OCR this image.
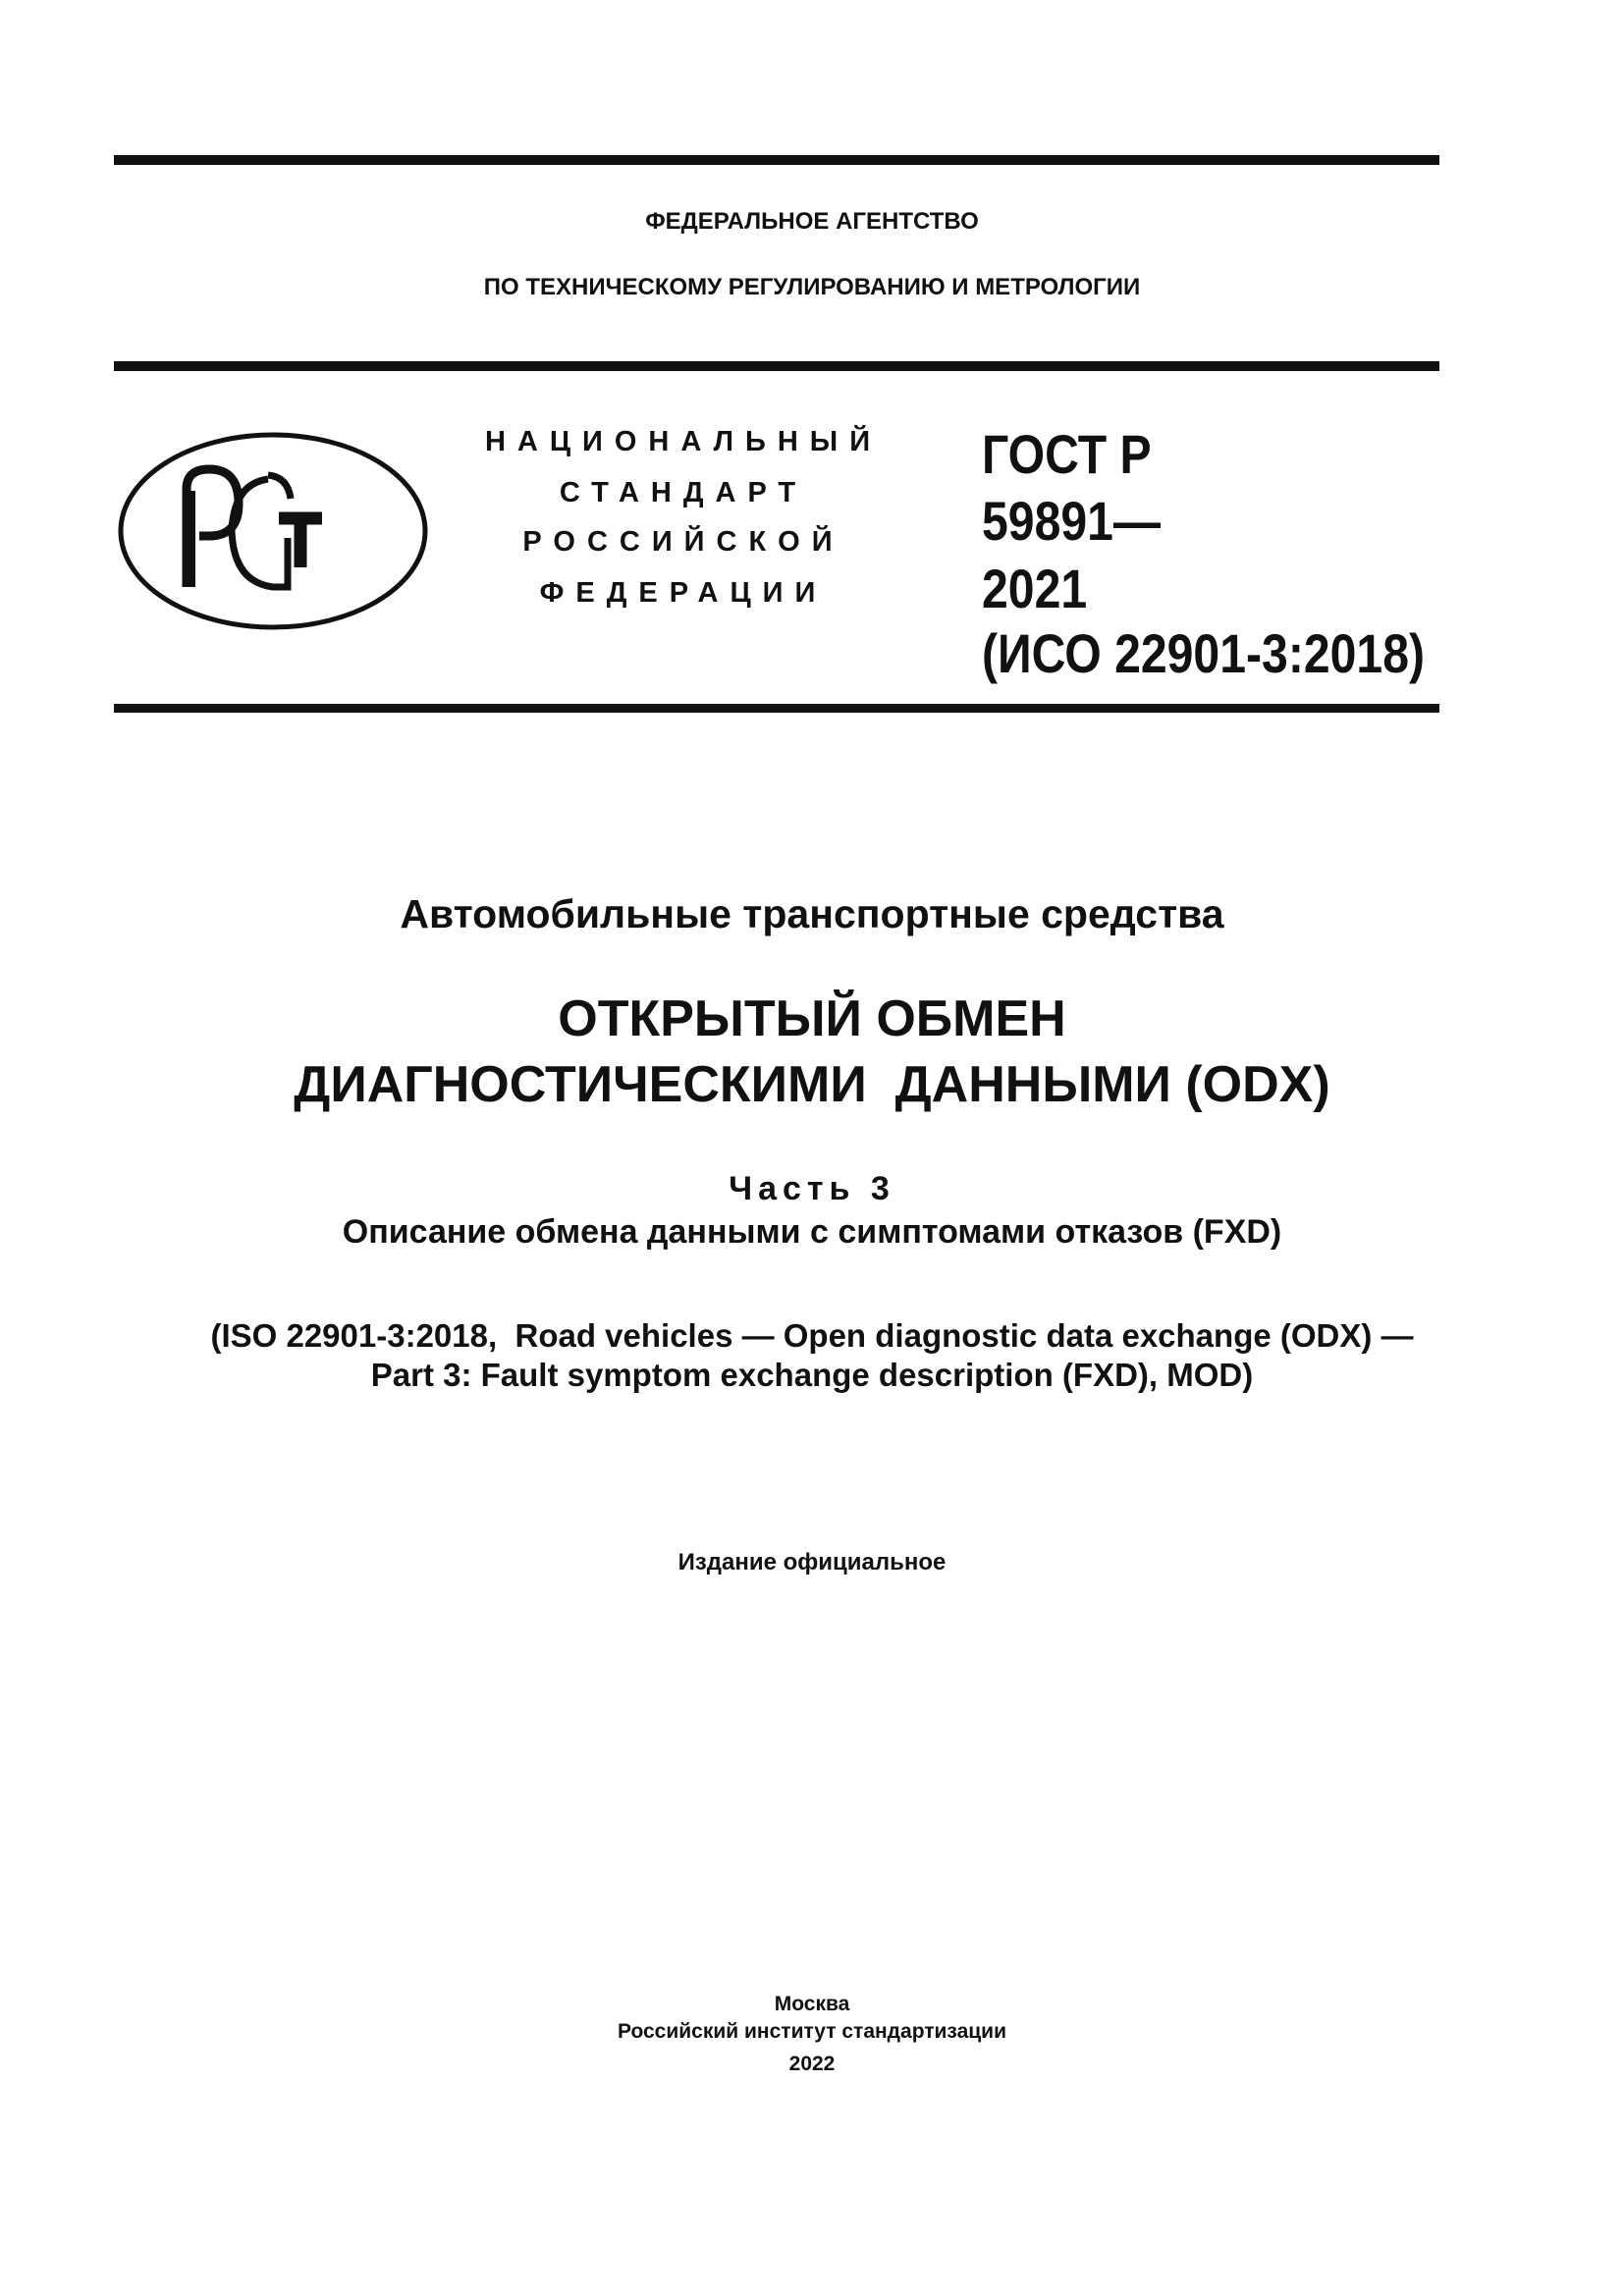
ФЕДЕРАЛЬНОЕ АГЕНТСТВО
ПО ТЕХНИЧЕСКОМУ РЕГУЛИРОВАНИЮ И МЕТРОЛОГИИ
НАЦИОНАЛЬНЫЙ
СТАНДАРТ
РОССИЙСКОЙ
ФЕДЕРАЦИИ
ГОСТ Р
59891—
2021
(ИСО 22901-3:2018)
Автомобильные транспортные средства
ОТКРЫТЫЙ ОБМЕН
ДИАГНОСТИЧЕСКИМИ  ДАННЫМИ (ODX)
Часть 3
Описание обмена данными с симптомами отказов (FXD)
(ISO 22901-3:2018,  Road vehicles — Open diagnostic data exchange (ODX) —
Part 3: Fault symptom exchange description (FXD), MOD)
Издание официальное
Москва
Российский институт стандартизации
2022
